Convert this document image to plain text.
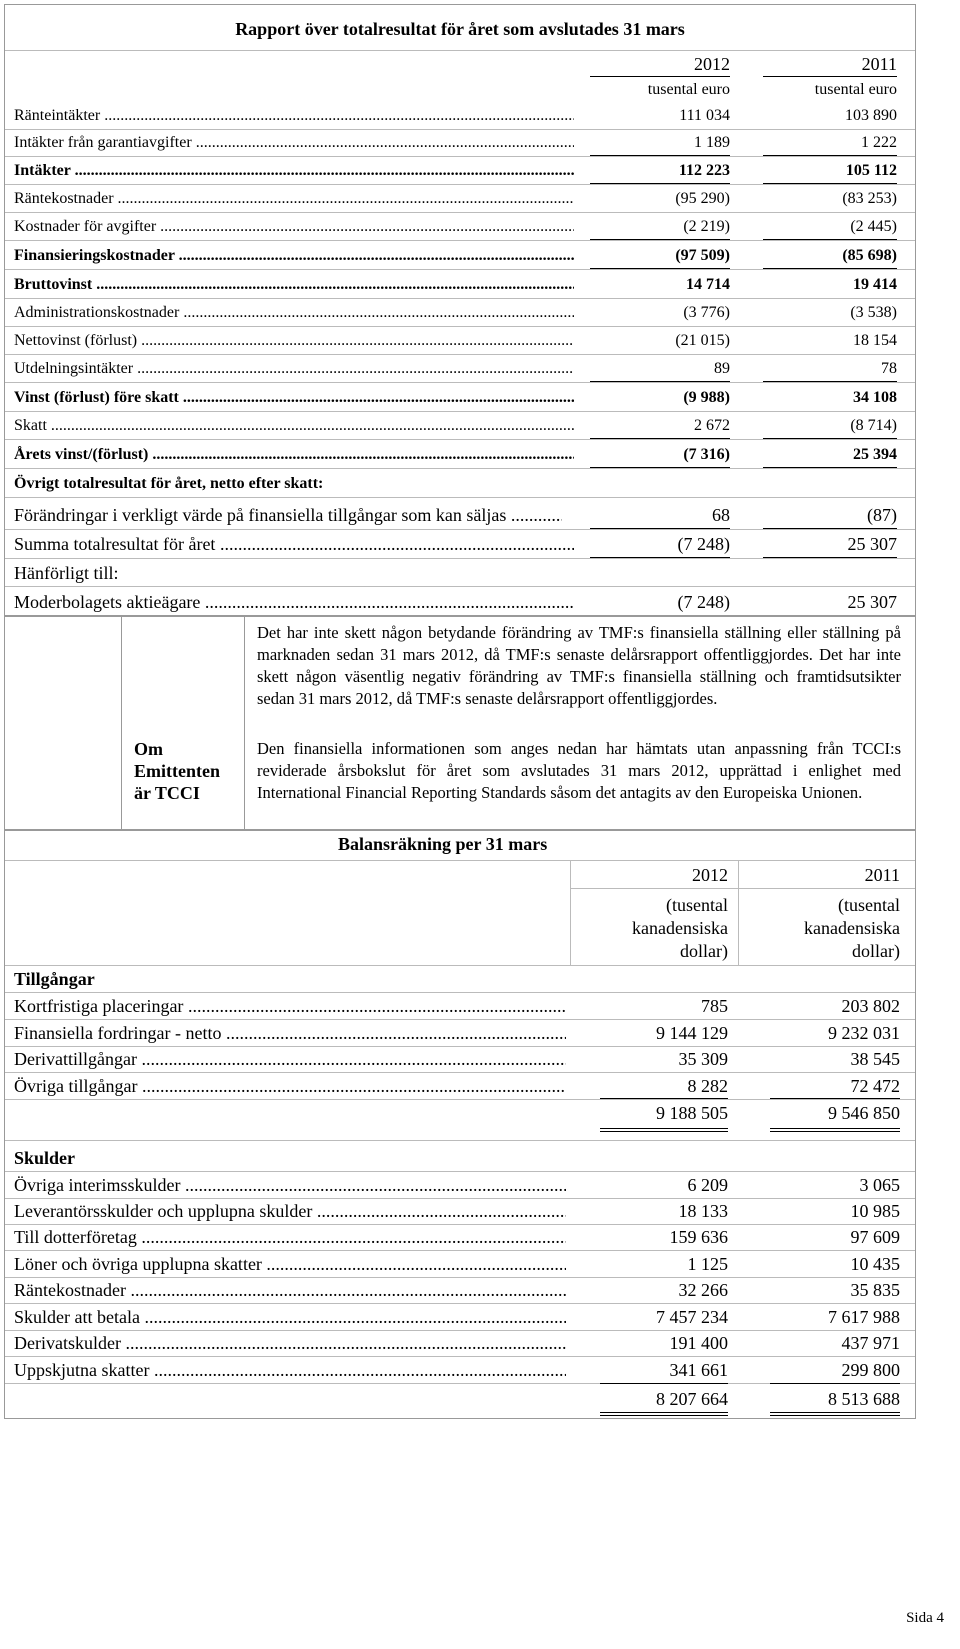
Rapport över totalresultat för året som avslutades 31 mars
2012	2011
tusental euro	tusental euro
Ränteintäkter .....	111 034	103 890
Intäkter från garantiavgifter .....	1 189	1 222
Intäkter .....	112 223	105 112
Räntekostnader .....	(95 290)	(83 253)
Kostnader för avgifter .....	(2 219)	(2 445)
Finansieringskostnader .....	(97 509)	(85 698)
Bruttovinst .....	14 714	19 414
Administrationskostnader .....	(3 776)	(3 538)
Nettovinst (förlust) .....	(21 015)	18 154
Utdelningsintäkter .....	89	78
Vinst (förlust) före skatt .....	(9 988)	34 108
Skatt .....	2 672	(8 714)
Årets vinst/(förlust) .....	(7 316)	25 394
Övrigt totalresultat för året, netto efter skatt:
Förändringar i verkligt värde på finansiella tillgångar som kan säljas .....	68	(87)
Summa totalresultat för året .....	(7 248)	25 307
Hänförligt till:
Moderbolagets aktieägare .....	(7 248)	25 307
Om
Emittenten
är TCCI
Det har inte skett någon betydande förändring av TMF:s finansiella ställning eller ställning på marknaden sedan 31 mars 2012, då TMF:s senaste delårsrapport offentliggjordes. Det har inte skett någon väsentlig negativ förändring av TMF:s finansiella ställning och framtidsutsikter sedan 31 mars 2012, då TMF:s senaste delårsrapport offentliggjordes.
Den finansiella informationen som anges nedan har hämtats utan anpassning från TCCI:s reviderade årsbokslut för året som avslutades 31 mars 2012, upprättad i enlighet med International Financial Reporting Standards såsom det antagits av den Europeiska Unionen.
Balansräkning per 31 mars
2012	2011
(tusental
kanadensiska
dollar)
(tusental
kanadensiska
dollar)
Tillgångar
Kortfristiga placeringar .....	785	203 802
Finansiella fordringar - netto .....	9 144 129	9 232 031
Derivattillgångar .....	35 309	38 545
Övriga tillgångar .....	8 282	72 472
9 188 505	9 546 850
Skulder
Övriga interimsskulder .....	6 209	3 065
Leverantörsskulder och upplupna skulder .....	18 133	10 985
Till dotterföretag .....	159 636	97 609
Löner och övriga upplupna skatter .....	1 125	10 435
Räntekostnader .....	32 266	35 835
Skulder att betala .....	7 457 234	7 617 988
Derivatskulder .....	191 400	437 971
Uppskjutna skatter .....	341 661	299 800
8 207 664	8 513 688
Sida 4
